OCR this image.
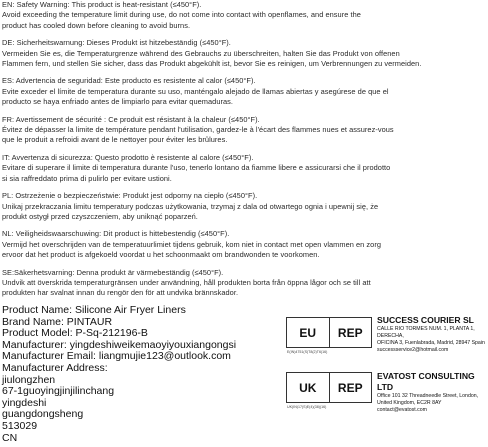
EN: Safety Warning: This product is heat-resistant (≤450°F).
Avoid exceeding the temperature limit during use, do not come into contact with openflames, and ensure the
product has cooled down before cleaning to avoid burns.
DE: Sicherheitswarnung: Dieses Produkt ist hitzebeständig (≤450°F).
Vermeiden Sie es, die Temperaturgrenze während des Gebrauchs zu überschreiten, halten Sie das Produkt von offenen
Flammen fern, und stellen Sie sicher, dass das Produkt abgekühlt ist, bevor Sie es reinigen, um Verbrennungen zu vermeiden.
ES: Advertencia de seguridad: Este producto es resistente al calor (≤450°F).
Evite exceder el límite de temperatura durante su uso, manténgalo alejado de llamas abiertas y asegúrese de que el
producto se haya enfriado antes de limpiarlo para evitar quemaduras.
FR: Avertissement de sécurité : Ce produit est résistant à la chaleur (≤450°F).
Évitez de dépasser la limite de température pendant l'utilisation, gardez-le à l'écart des flammes nues et assurez-vous
que le produit a refroidi avant de le nettoyer pour éviter les brûlures.
IT: Avvertenza di sicurezza: Questo prodotto è resistente al calore (≤450°F).
Evitare di superare il limite di temperatura durante l'uso, tenerlo lontano da fiamme libere e assicurarsi che il prodotto
si sia raffreddato prima di pulirlo per evitare ustioni.
PL: Ostrzeżenie o bezpieczeństwie: Produkt jest odporny na ciepło (≤450°F).
Unikaj przekraczania limitu temperatury podczas użytkowania, trzymaj z dala od otwartego ognia i upewnij się, że
produkt ostygł przed czyszczeniem, aby uniknąć poparzeń.
NL: Veiligheidswaarschuwing: Dit product is hittebestendig (≤450°F).
Vermijd het overschrijden van de temperatuurlimiet tijdens gebruik, kom niet in contact met open vlammen en zorg
ervoor dat het product is afgekoeld voordat u het schoonmaakt om brandwonden te voorkomen.
SE:Säkerhetsvarning: Denna produkt är värmebeständig (≤450°F).
Undvik att överskrida temperaturgränsen under användning, håll produkten borta från öppna lågor och se till att
produkten har svalnat innan du rengör den för att undvika brännskador.
Product Name: Silicone Air Fryer Liners
Brand Name: PINTAUR
Product Model: P-Sq-212196-B
Manufacturer: yingdeshiweikemaoyiyouxiangongsi
Manufacturer Email: liangmujie123@outlook.com
Manufacturer Address:
jiulongzhen
67-1guoyingjinjilinchang
yingdeshi
guangdongsheng
513029
CN
EU	REP
E(IN)4751(S)T8(2)T6(16)
SUCCESS COURIER SL
CALLE RIO TORMES NUM. 1, PLANTA 1, DERECHA,
OFICINA 3, Fuenlabrada, Madrid, 28947 Spain
successservice2@hotmail.com
UK	REP
UK(IN)17(S)E(4)(38)(16)
EVATOST CONSULTING LTD
Office 101 32 Threadneedle Street, London,
United Kingdom, EC2R 8AY
contact@evatost.com
